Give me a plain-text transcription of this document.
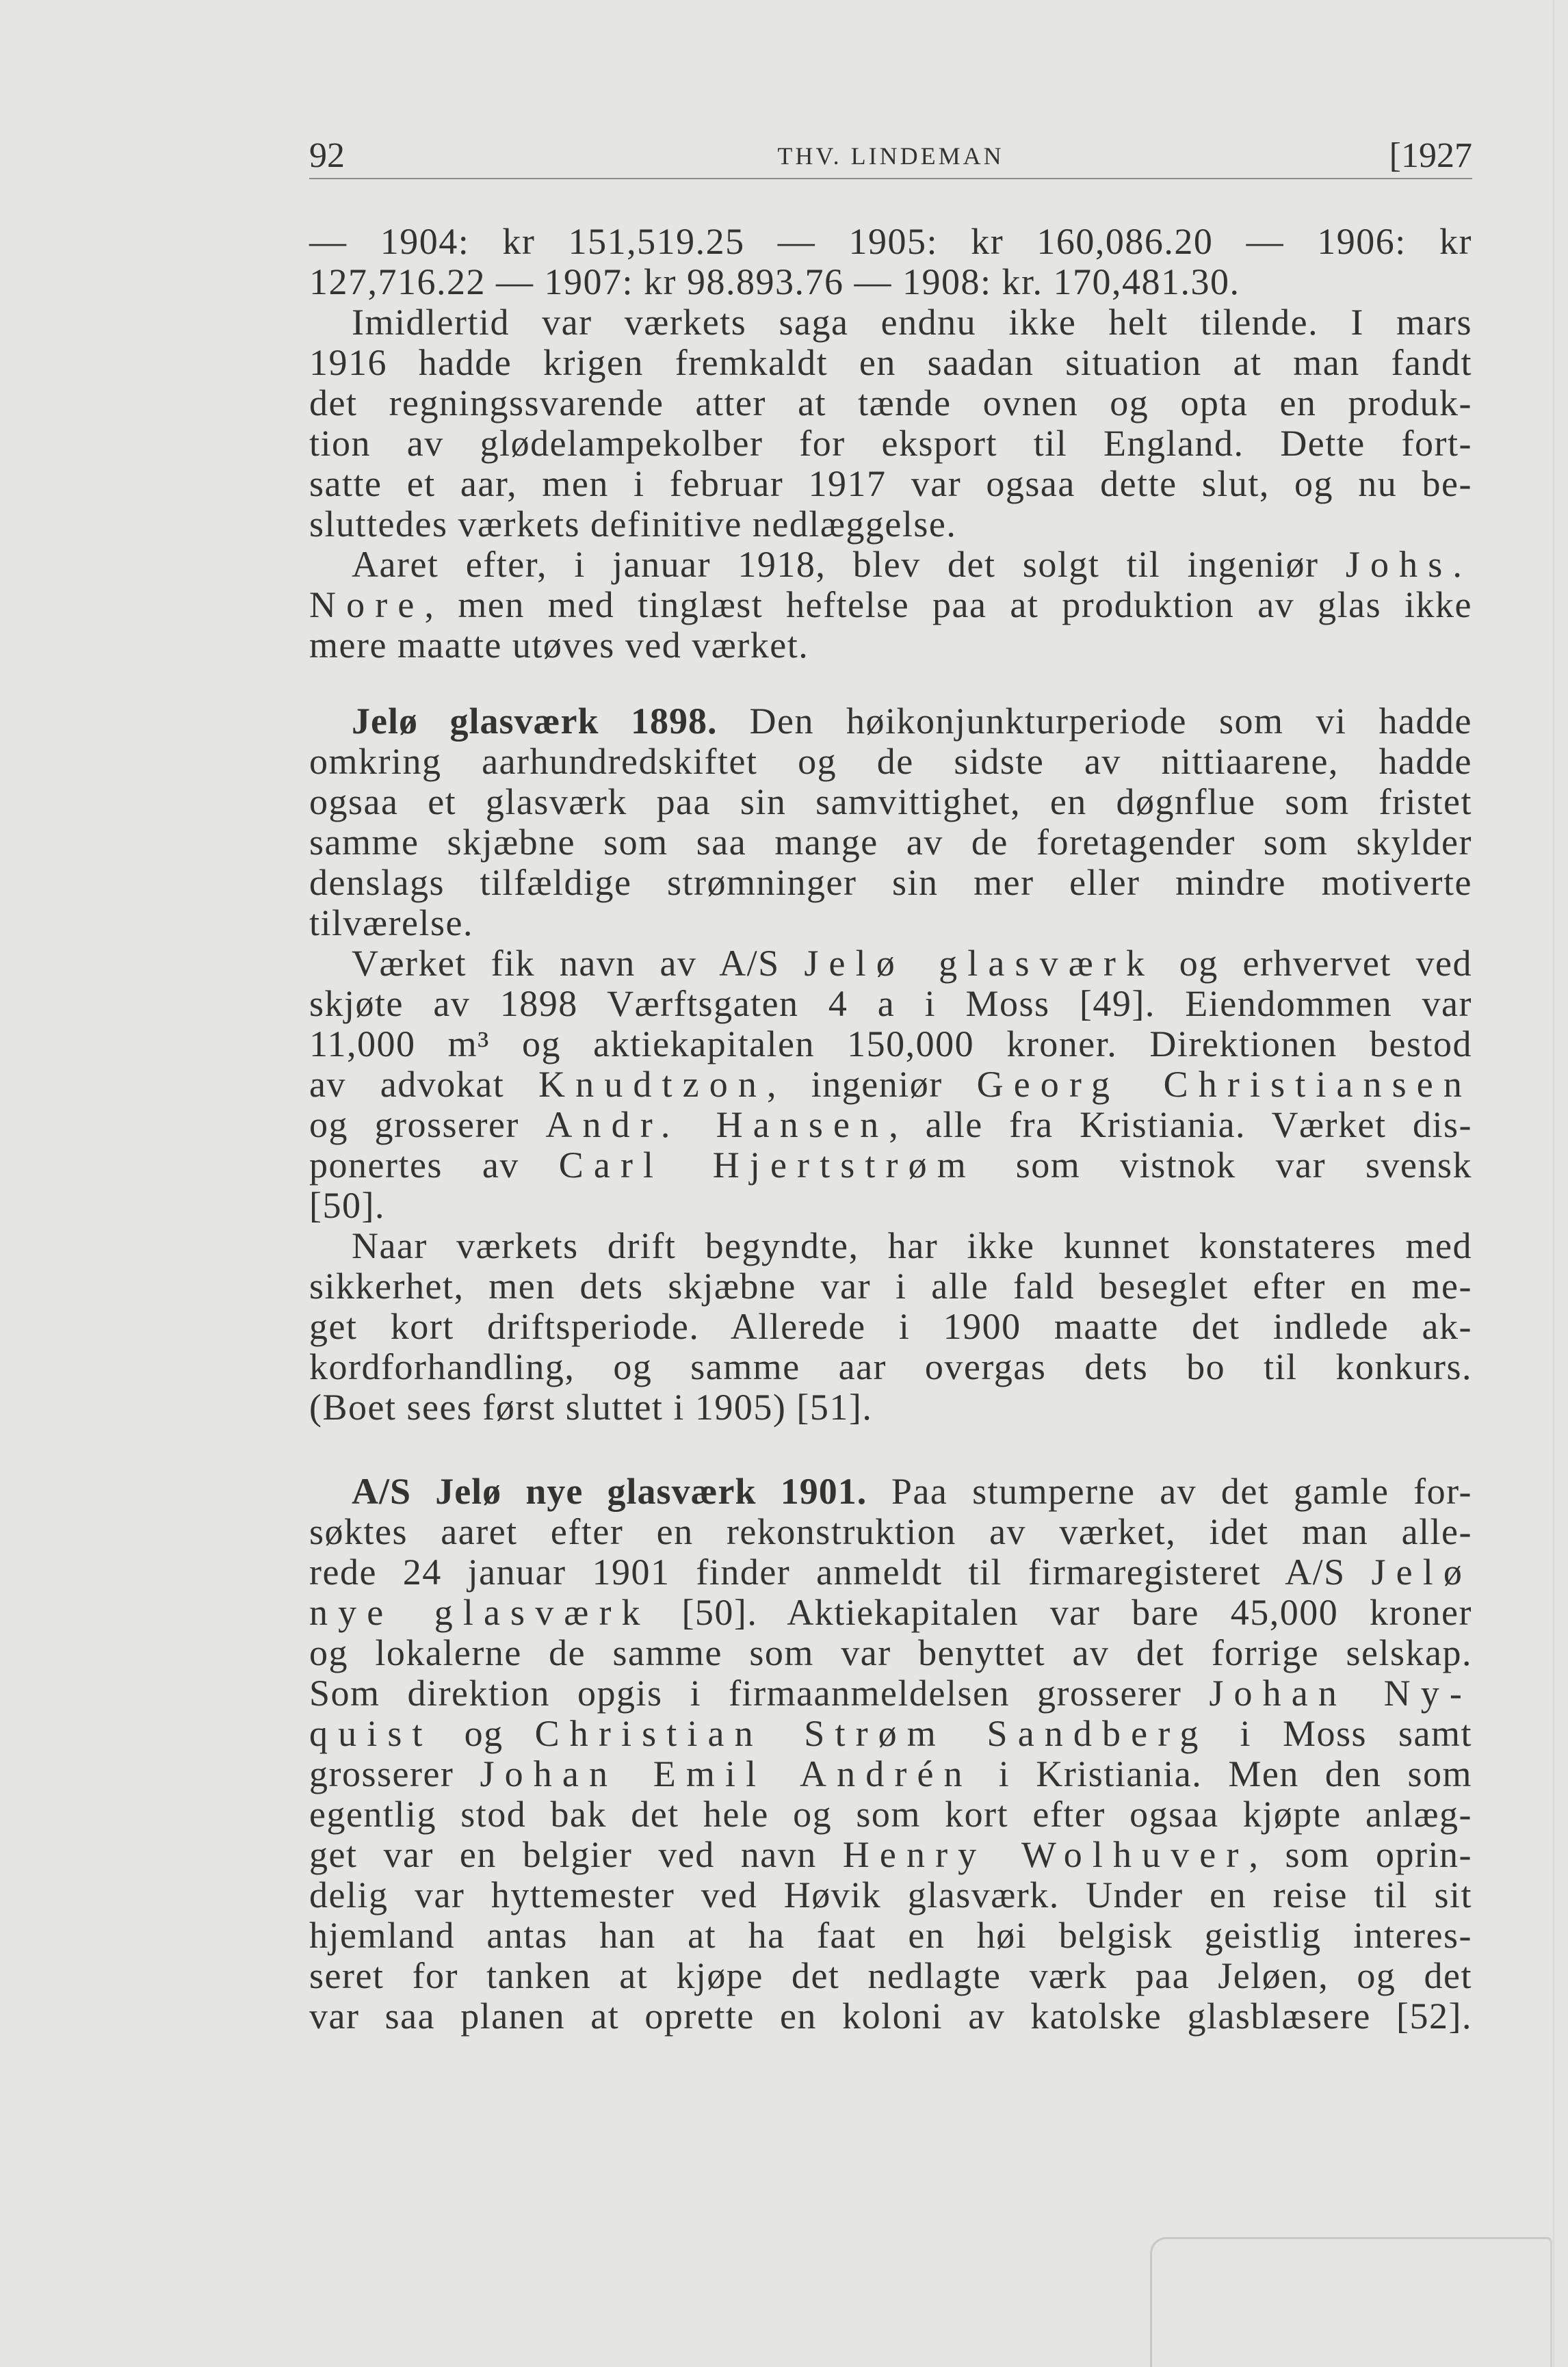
92	THV. LINDEMAN	[1927
— 1904: kr 151,519.25 — 1905: kr 160,086.20 — 1906: kr
127,716.22 — 1907: kr 98.893.76 — 1908: kr. 170,481.30.
Imidlertid var værkets saga endnu ikke helt tilende. I mars
1916 hadde krigen fremkaldt en saadan situation at man fandt
det regningssvarende atter at tænde ovnen og opta en produk-
tion av glødelampekolber for eksport til England. Dette fort-
satte et aar, men i februar 1917 var ogsaa dette slut, og nu be-
sluttedes værkets definitive nedlæggelse.
Aaret efter, i januar 1918, blev det solgt til ingeniør Johs.
Nore, men med tinglæst heftelse paa at produktion av glas ikke
mere maatte utøves ved værket.
Jelø glasværk 1898. Den høikonjunkturperiode som vi hadde
omkring aarhundredskiftet og de sidste av nittiaarene, hadde
ogsaa et glasværk paa sin samvittighet, en døgnflue som fristet
samme skjæbne som saa mange av de foretagender som skylder
denslags tilfældige strømninger sin mer eller mindre motiverte
tilværelse.
Værket fik navn av A/S Jelø glasværk og erhvervet ved
skjøte av 1898 Værftsgaten 4 a i Moss [49]. Eiendommen var
11,000 m³ og aktiekapitalen 150,000 kroner. Direktionen bestod
av advokat Knudtzon, ingeniør Georg Christiansen
og grosserer Andr. Hansen, alle fra Kristiania. Værket dis-
ponertes av Carl Hjertstrøm som vistnok var svensk
[50].
Naar værkets drift begyndte, har ikke kunnet konstateres med
sikkerhet, men dets skjæbne var i alle fald beseglet efter en me-
get kort driftsperiode. Allerede i 1900 maatte det indlede ak-
kordforhandling, og samme aar overgas dets bo til konkurs.
(Boet sees først sluttet i 1905) [51].
A/S Jelø nye glasværk 1901. Paa stumperne av det gamle for-
søktes aaret efter en rekonstruktion av værket, idet man alle-
rede 24 januar 1901 finder anmeldt til firmaregisteret A/S Jelø
nye glasværk [50]. Aktiekapitalen var bare 45,000 kroner
og lokalerne de samme som var benyttet av det forrige selskap.
Som direktion opgis i firmaanmeldelsen grosserer Johan Ny-
quist og Christian Strøm Sandberg i Moss samt
grosserer Johan Emil Andrén i Kristiania. Men den som
egentlig stod bak det hele og som kort efter ogsaa kjøpte anlæg-
get var en belgier ved navn Henry Wolhuver, som oprin-
delig var hyttemester ved Høvik glasværk. Under en reise til sit
hjemland antas han at ha faat en høi belgisk geistlig interes-
seret for tanken at kjøpe det nedlagte værk paa Jeløen, og det
var saa planen at oprette en koloni av katolske glasblæsere [52].
